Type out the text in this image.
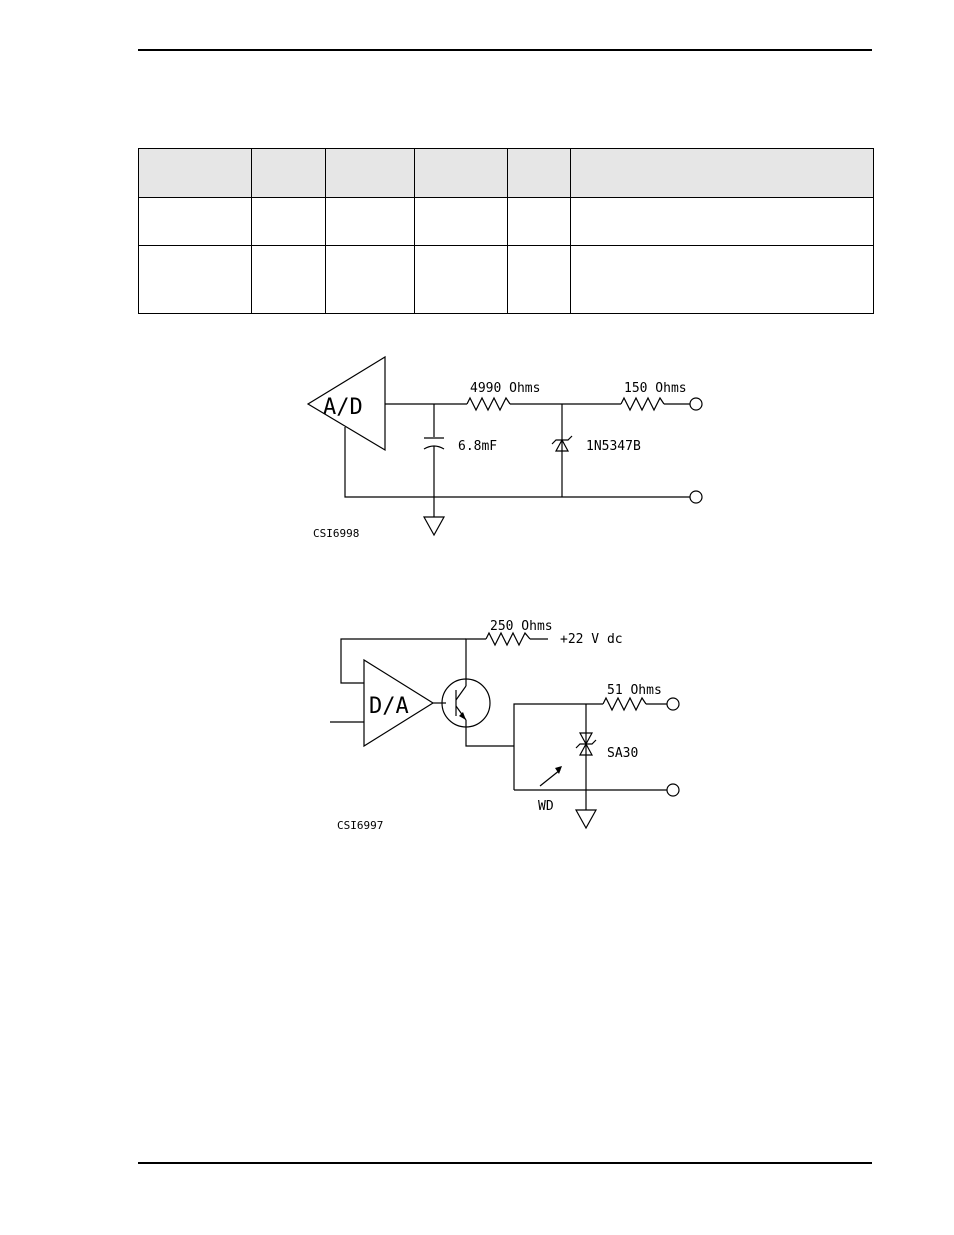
A/D
4990 Ohms	150 Ohms
6.8mF	1N5347B
CSI6998
D/A
250 Ohms
+22 V dc
51 Ohms
SA30
WD
CSI6997
